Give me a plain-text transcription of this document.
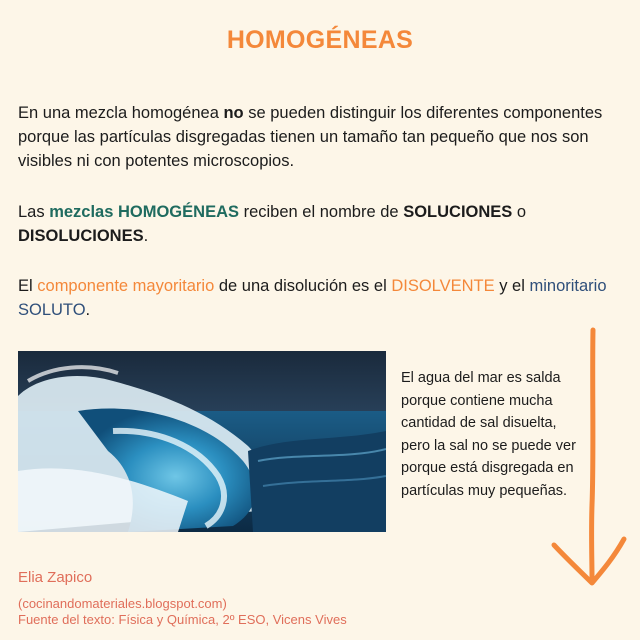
HOMOGÉNEAS

En una mezcla homogénea no se pueden distinguir los diferentes componentes porque las partículas disgregadas tienen un tamaño tan pequeño que nos son visibles ni con potentes microscopios.

Las mezclas HOMOGÉNEAS reciben el nombre de SOLUCIONES o DISOLUCIONES.

El componente mayoritario de una disolución es el DISOLVENTE y el minoritario SOLUTO.

El agua del mar es salda porque contiene mucha cantidad de sal disuelta, pero la sal no se puede ver porque está disgregada en partículas muy pequeñas.

Elia Zapico
(cocinandomateriales.blogspot.com)
Fuente del texto: Física y Química, 2º ESO, Vicens Vives
